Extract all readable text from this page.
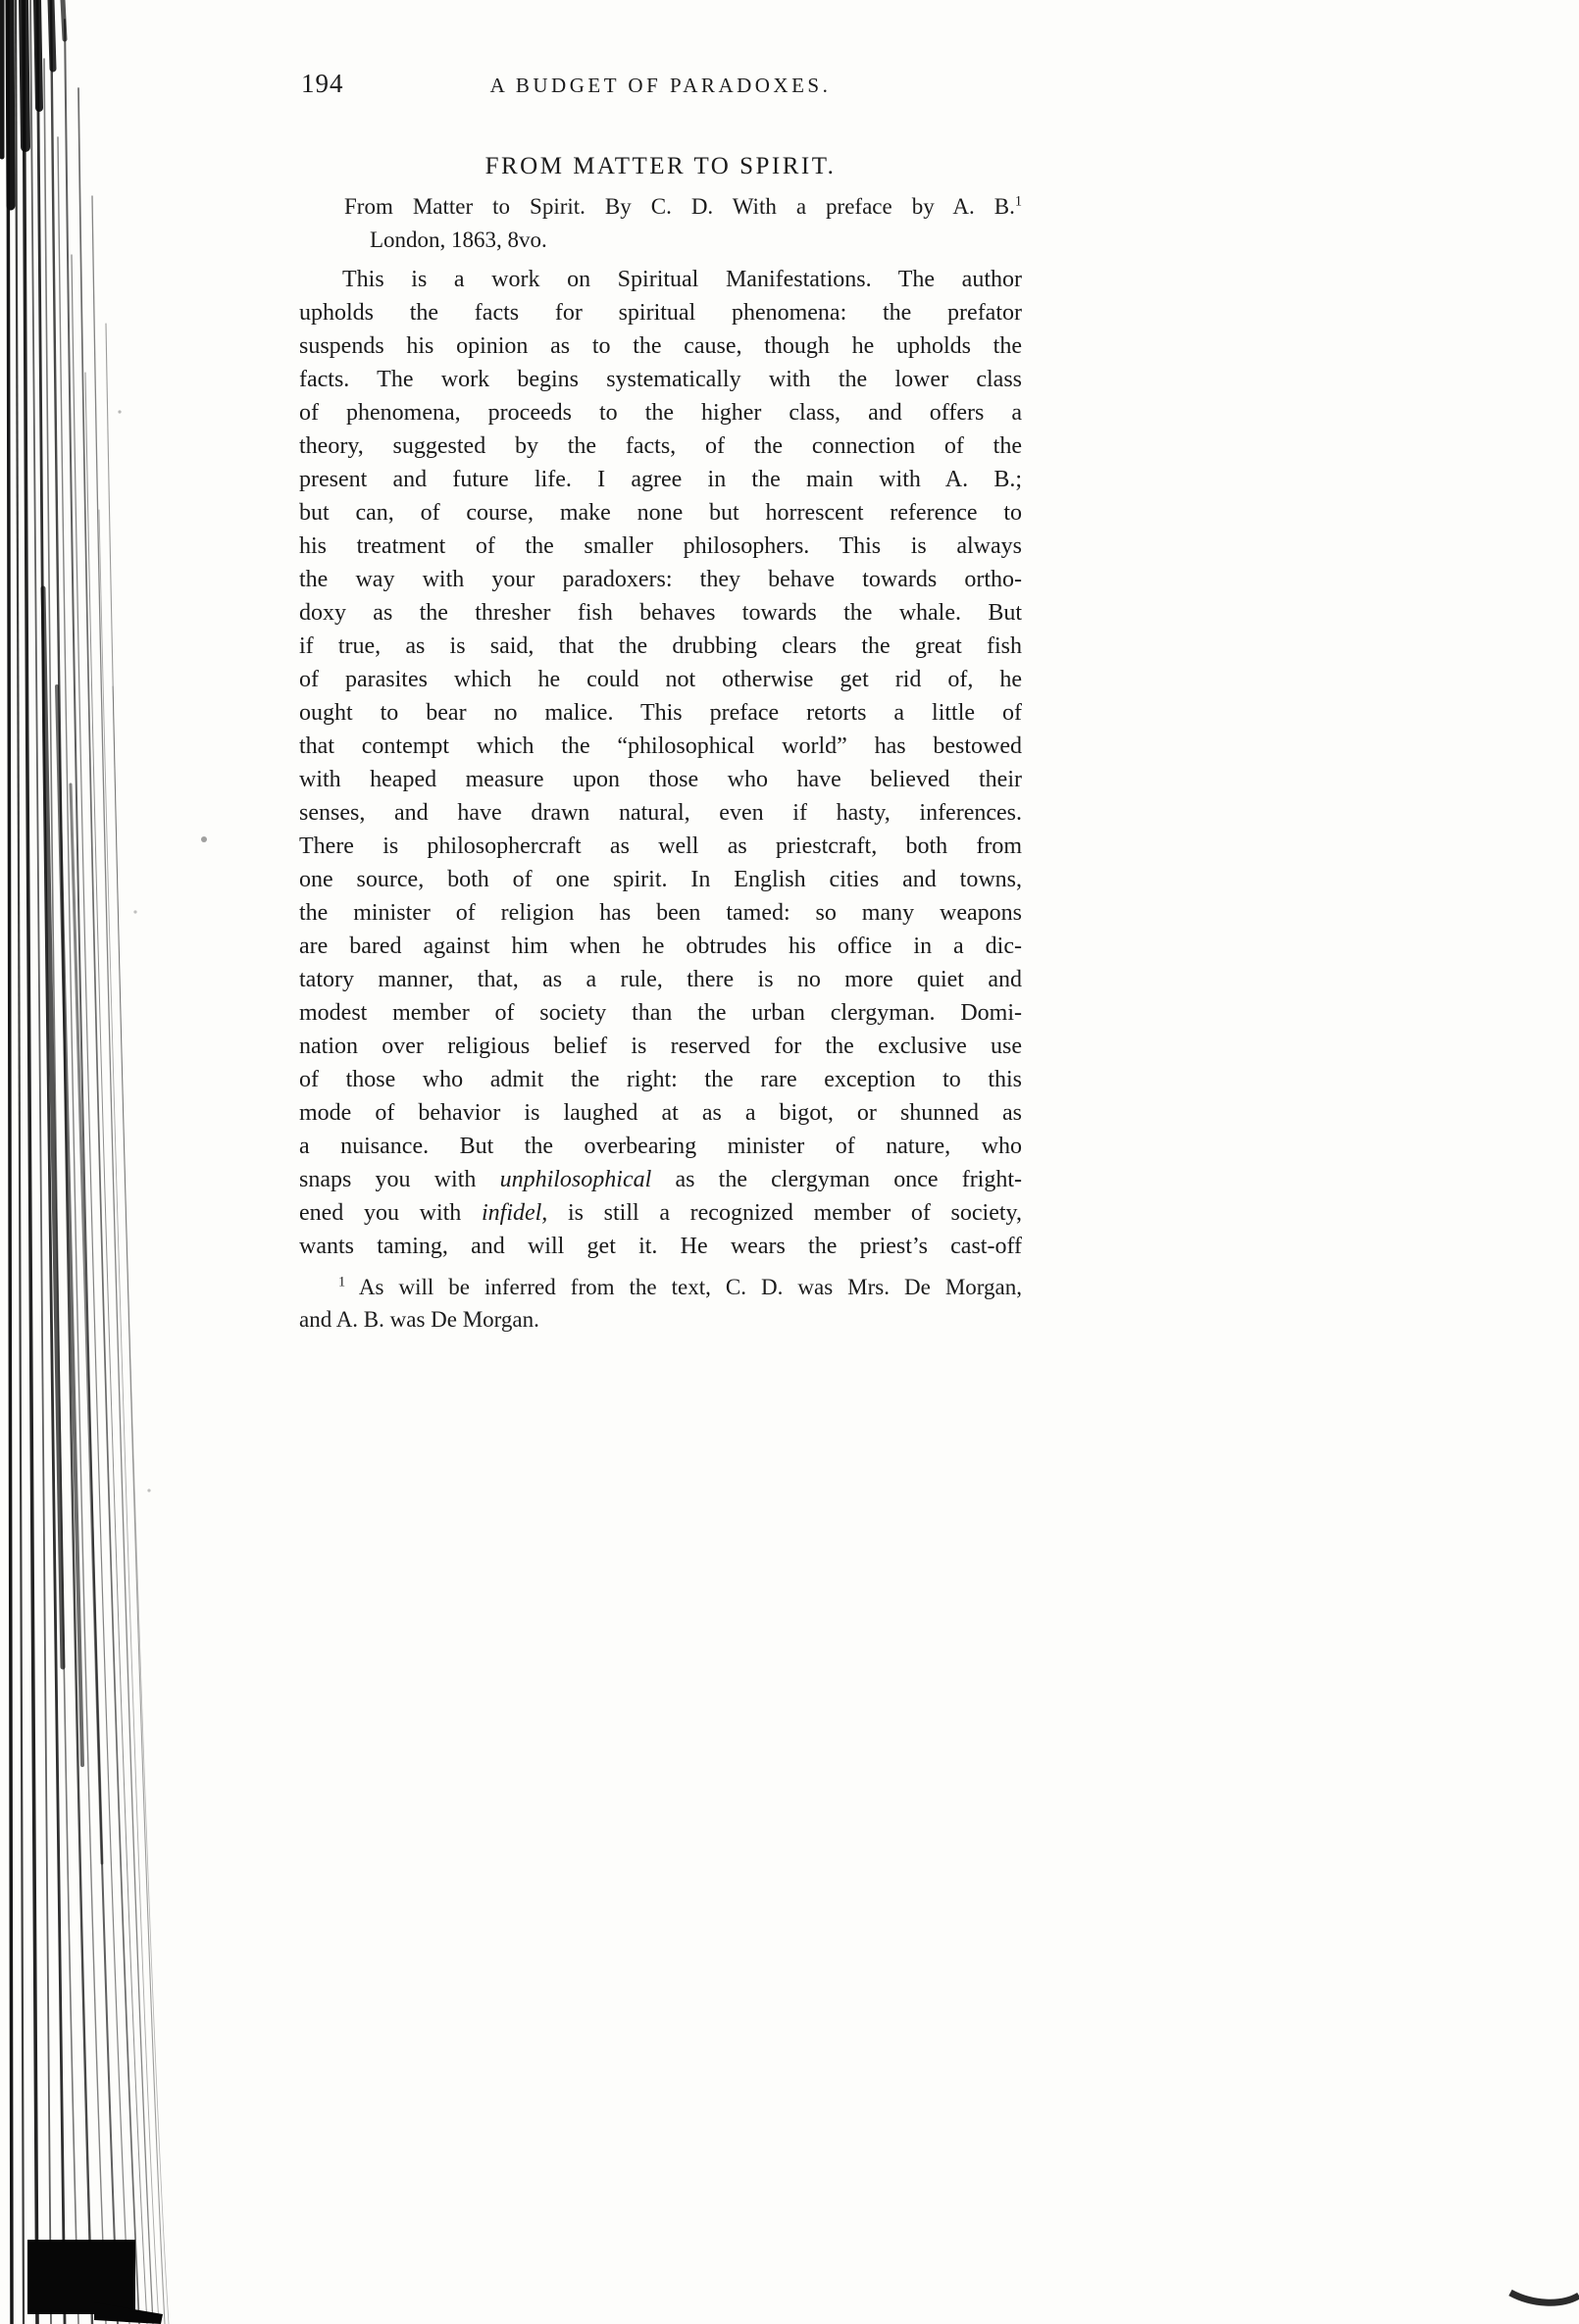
194	A BUDGET OF PARADOXES.
FROM MATTER TO SPIRIT.
From Matter to Spirit. By C. D. With a preface by A. B.$^1$
London, 1863, 8vo.
This is a work on Spiritual Manifestations. The author
upholds the facts for spiritual phenomena: the prefator
suspends his opinion as to the cause, though he upholds the
facts. The work begins systematically with the lower class
of phenomena, proceeds to the higher class, and offers a
theory, suggested by the facts, of the connection of the
present and future life. I agree in the main with A. B.;
but can, of course, make none but horrescent reference to
his treatment of the smaller philosophers. This is always
the way with your paradoxers: they behave towards ortho-
doxy as the thresher fish behaves towards the whale. But
if true, as is said, that the drubbing clears the great fish
of parasites which he could not otherwise get rid of, he
ought to bear no malice. This preface retorts a little of
that contempt which the “philosophical world” has bestowed
with heaped measure upon those who have believed their
senses, and have drawn natural, even if hasty, inferences.
There is philosophercraft as well as priestcraft, both from
one source, both of one spirit. In English cities and towns,
the minister of religion has been tamed: so many weapons
are bared against him when he obtrudes his office in a dic-
tatory manner, that, as a rule, there is no more quiet and
modest member of society than the urban clergyman. Domi-
nation over religious belief is reserved for the exclusive use
of those who admit the right: the rare exception to this
mode of behavior is laughed at as a bigot, or shunned as
a nuisance. But the overbearing minister of nature, who
snaps you with unphilosophical as the clergyman once fright-
ened you with infidel, is still a recognized member of society,
wants taming, and will get it. He wears the priest’s cast-off
$^1$ As will be inferred from the text, C. D. was Mrs. De Morgan,
and A. B. was De Morgan.
